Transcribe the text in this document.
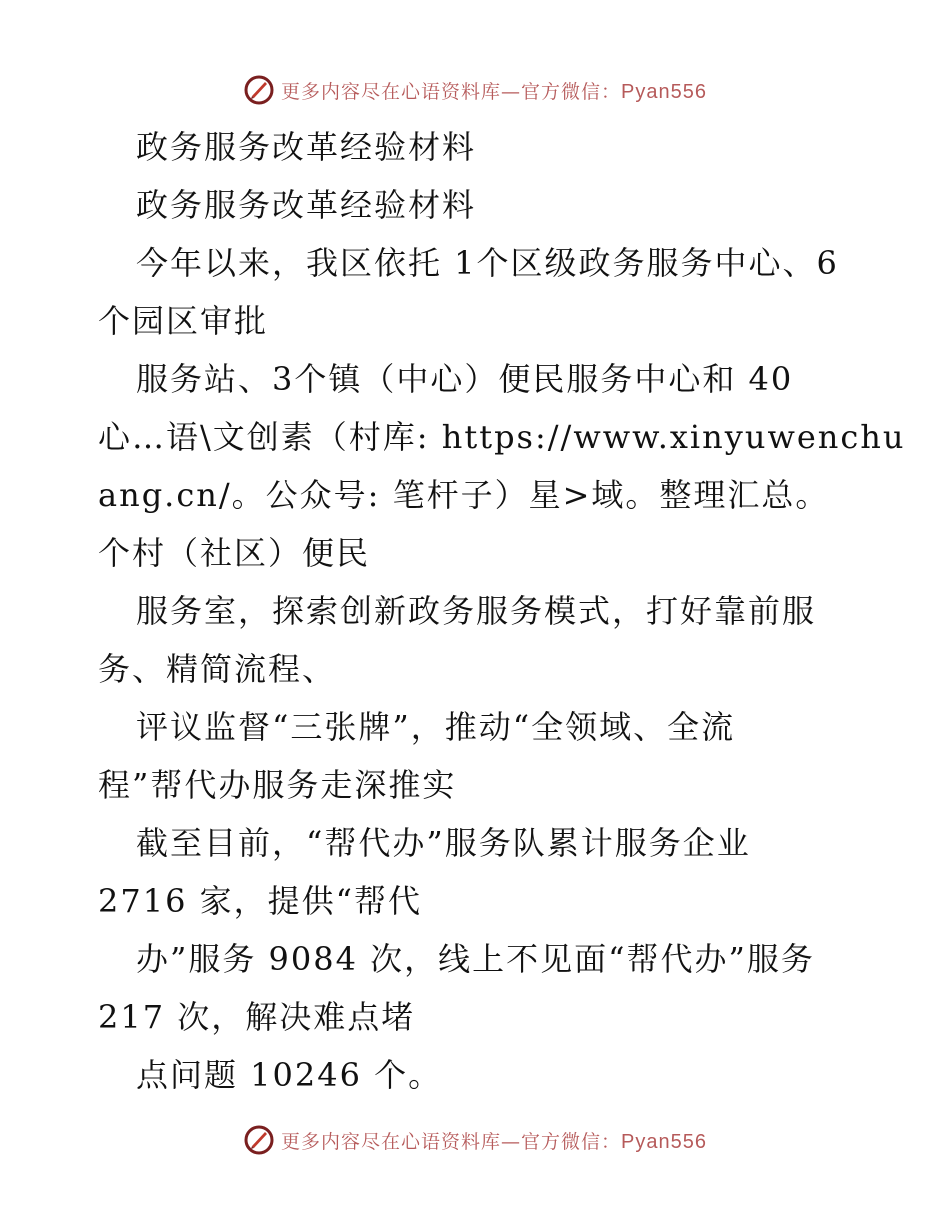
更多内容尽在心语资料库—官方微信：Pyan556
政务服务改革经验材料
政务服务改革经验材料
今年以来，我区依托 1个区级政务服务中心、6
个园区审批
服务站、3个镇（中心）便民服务中心和 40
心…语\文创素（村库: https://www.xinyuwenchu
ang.cn/。公众号: 笔杆子）星>域。整理汇总。
个村（社区）便民
服务室，探索创新政务服务模式，打好靠前服
务、精简流程、
评议监督“三张牌”，推动“全领域、全流
程”帮代办服务走深推实
截至目前，“帮代办”服务队累计服务企业
2716 家，提供“帮代
办”服务 9084 次，线上不见面“帮代办”服务
217 次，解决难点堵
点问题 10246 个。
更多内容尽在心语资料库—官方微信：Pyan556
